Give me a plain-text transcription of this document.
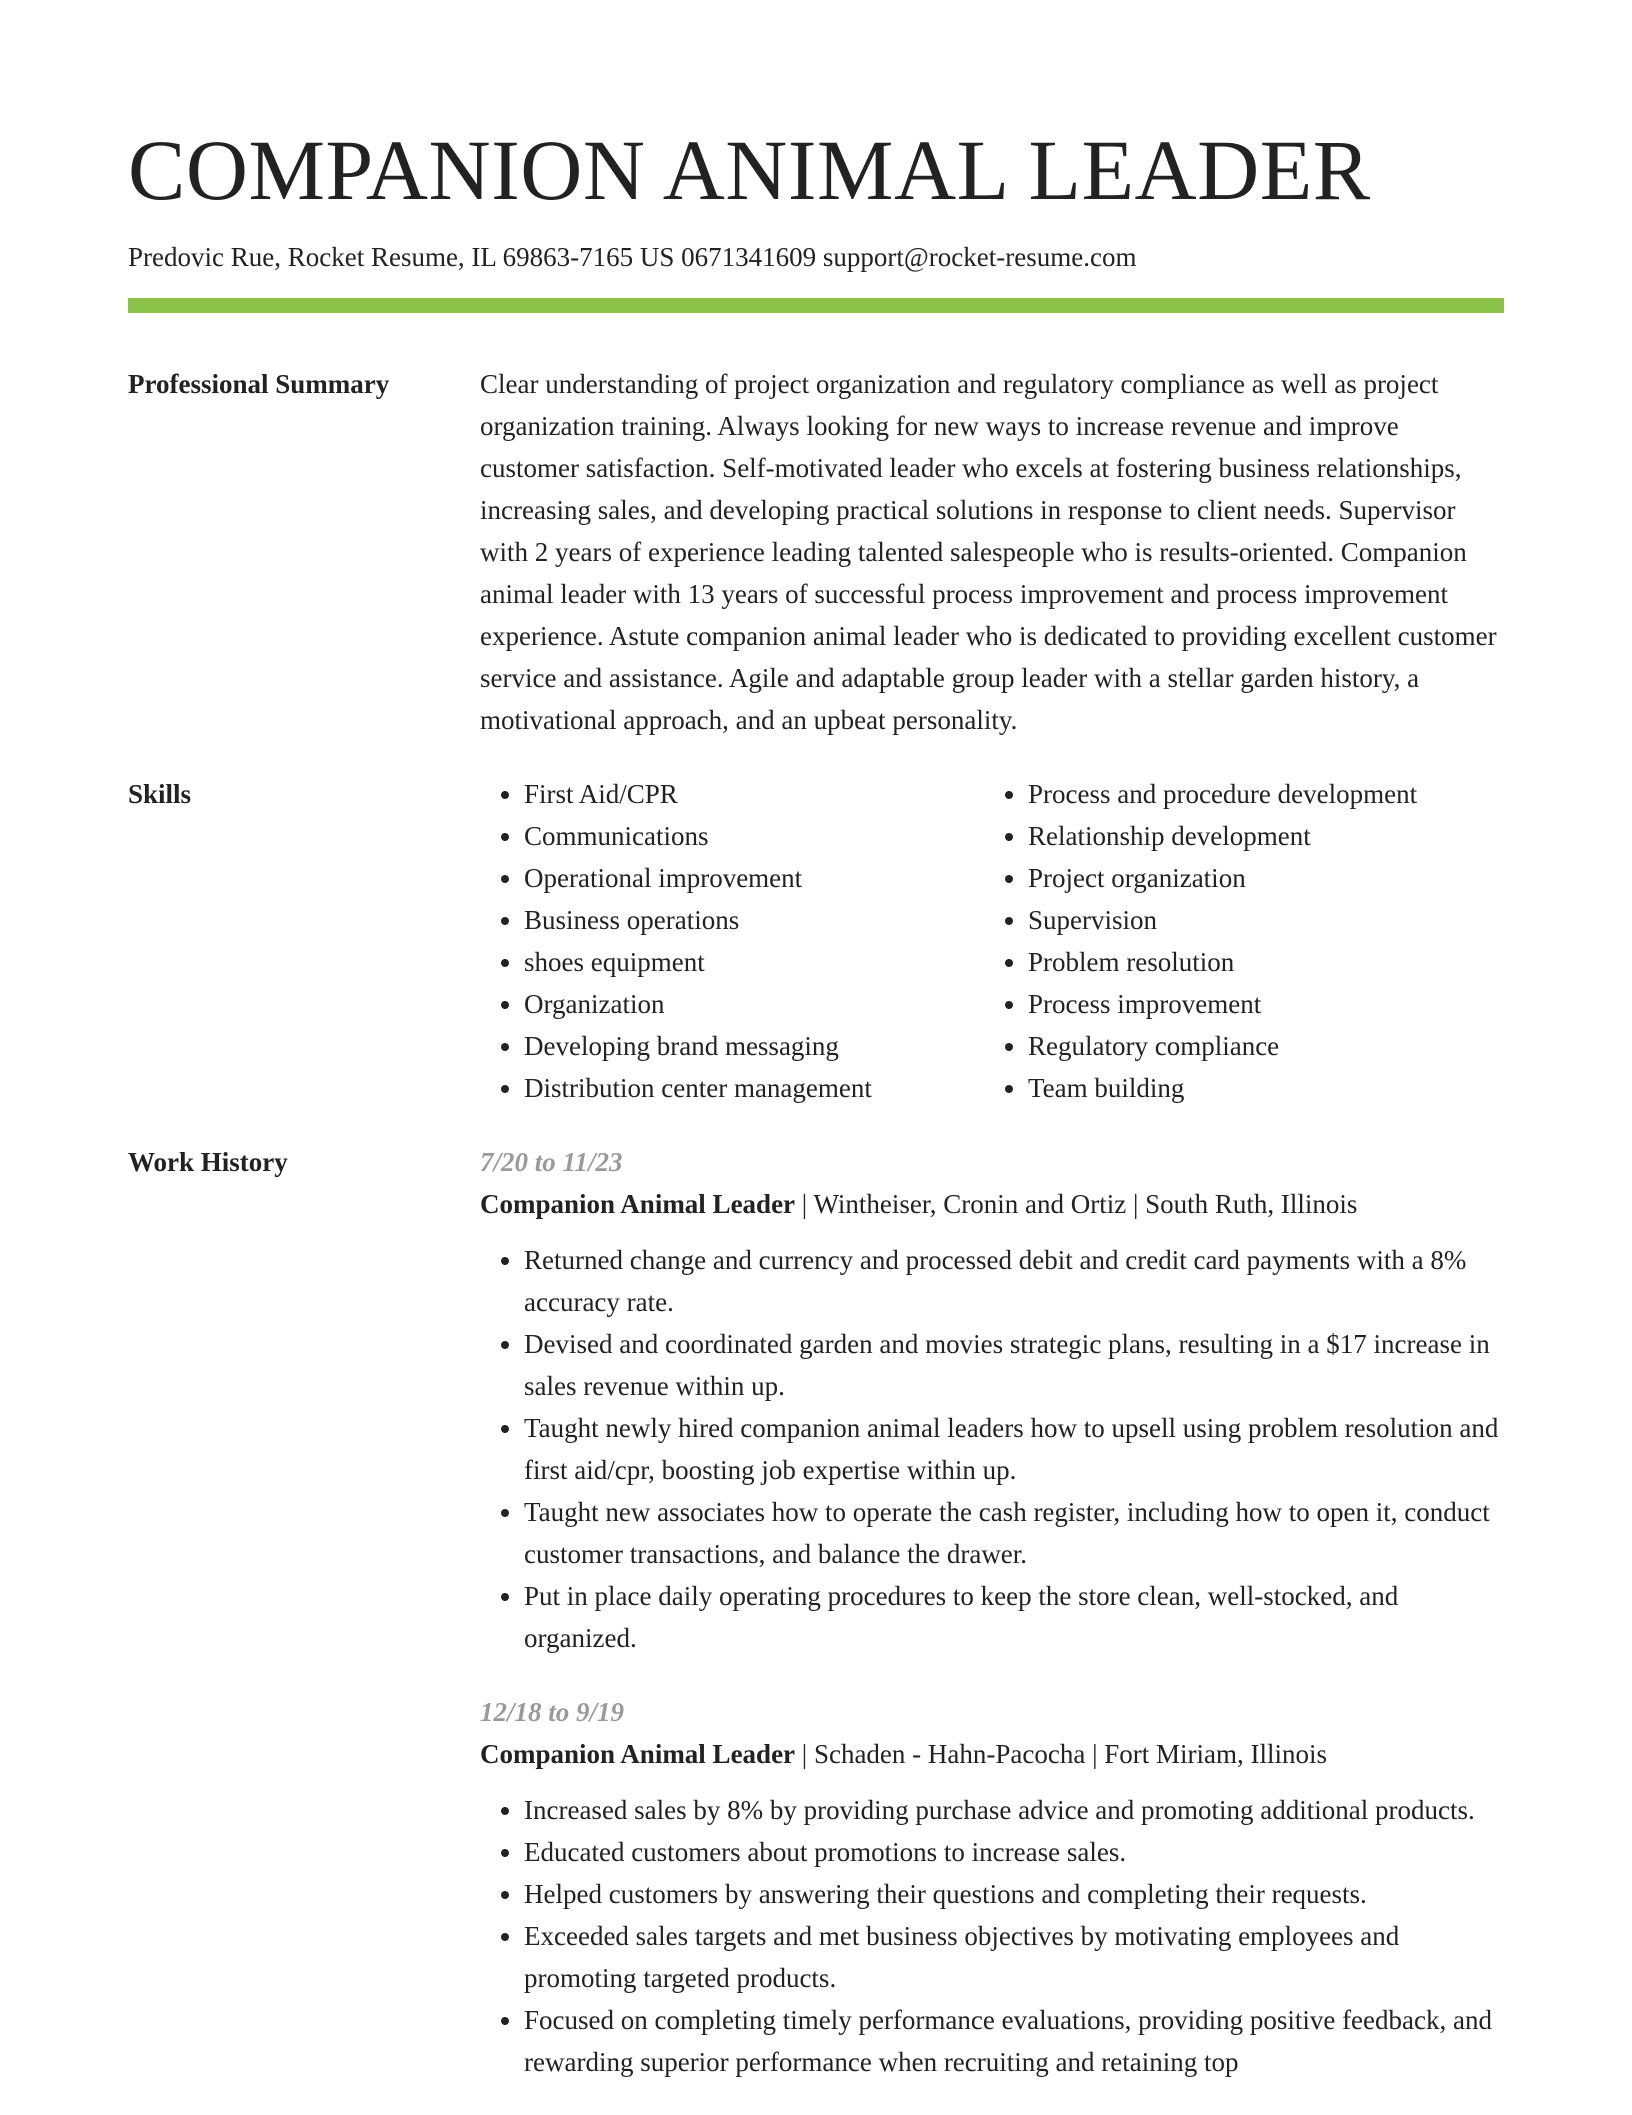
COMPANION ANIMAL LEADER
Predovic Rue, Rocket Resume, IL 69863-7165 US 0671341609 support@rocket-resume.com
Professional Summary	Clear understanding of project organization and regulatory compliance as well as project organization training. Always looking for new ways to increase revenue and improve customer satisfaction. Self-motivated leader who excels at fostering business relationships, increasing sales, and developing practical solutions in response to client needs. Supervisor with 2 years of experience leading talented salespeople who is results-oriented. Companion animal leader with 13 years of successful process improvement and process improvement experience. Astute companion animal leader who is dedicated to providing excellent customer service and assistance. Agile and adaptable group leader with a stellar garden history, a motivational approach, and an upbeat personality.

Skills
•	First Aid/CPR
• Communications
• Operational improvement
• Business operations
• shoes equipment
• Organization
• Developing brand messaging
• Distribution center management
• Process and procedure development
• Relationship development
• Project organization
• Supervision
• Problem resolution
• Process improvement
• Regulatory compliance
• Team building
Work History	7/20 to 11/23
Companion Animal Leader | Wintheiser, Cronin and Ortiz | South Ruth, Illinois
• Returned change and currency and processed debit and credit card payments with a 8% accuracy rate.
• Devised and coordinated garden and movies strategic plans, resulting in a $17 increase in sales revenue within up.
• Taught newly hired companion animal leaders how to upsell using problem resolution and first aid/cpr, boosting job expertise within up.
• Taught new associates how to operate the cash register, including how to open it, conduct customer transactions, and balance the drawer.
• Put in place daily operating procedures to keep the store clean, well-stocked, and organized.
12/18 to 9/19
Companion Animal Leader | Schaden - Hahn-Pacocha | Fort Miriam, Illinois
• Increased sales by 8% by providing purchase advice and promoting additional products.
• Educated customers about promotions to increase sales.
• Helped customers by answering their questions and completing their requests.
• Exceeded sales targets and met business objectives by motivating employees and promoting targeted products.
• Focused on completing timely performance evaluations, providing positive feedback, and rewarding superior performance when recruiting and retaining top
